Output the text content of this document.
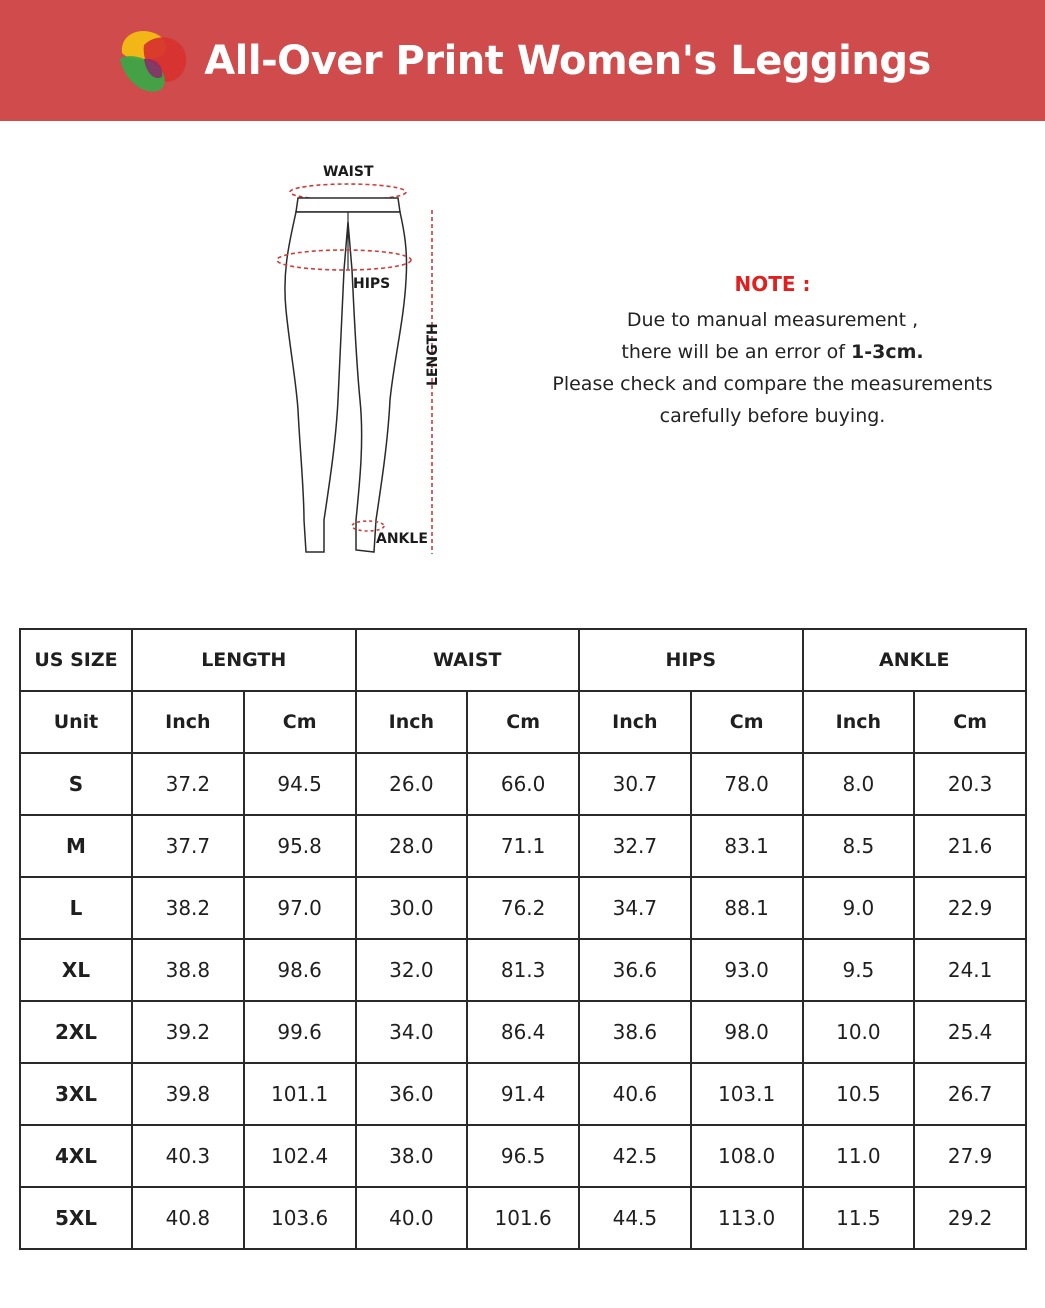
All-Over Print Women's Leggings
WAIST
HIPS
LENGTH
ANKLE
NOTE :
Due to manual measurement ,
there will be an error of 1-3cm.
Please check and compare the measurements
carefully before buying.
US SIZE	LENGTH		WAIST		HIPS		ANKLE	
Unit	Inch	Cm	Inch	Cm	Inch	Cm	Inch	Cm
S	37.2	94.5	26.0	66.0	30.7	78.0	8.0	20.3
M	37.7	95.8	28.0	71.1	32.7	83.1	8.5	21.6
L	38.2	97.0	30.0	76.2	34.7	88.1	9.0	22.9
XL	38.8	98.6	32.0	81.3	36.6	93.0	9.5	24.1
2XL	39.2	99.6	34.0	86.4	38.6	98.0	10.0	25.4
3XL	39.8	101.1	36.0	91.4	40.6	103.1	10.5	26.7
4XL	40.3	102.4	38.0	96.5	42.5	108.0	11.0	27.9
5XL	40.8	103.6	40.0	101.6	44.5	113.0	11.5	29.2
